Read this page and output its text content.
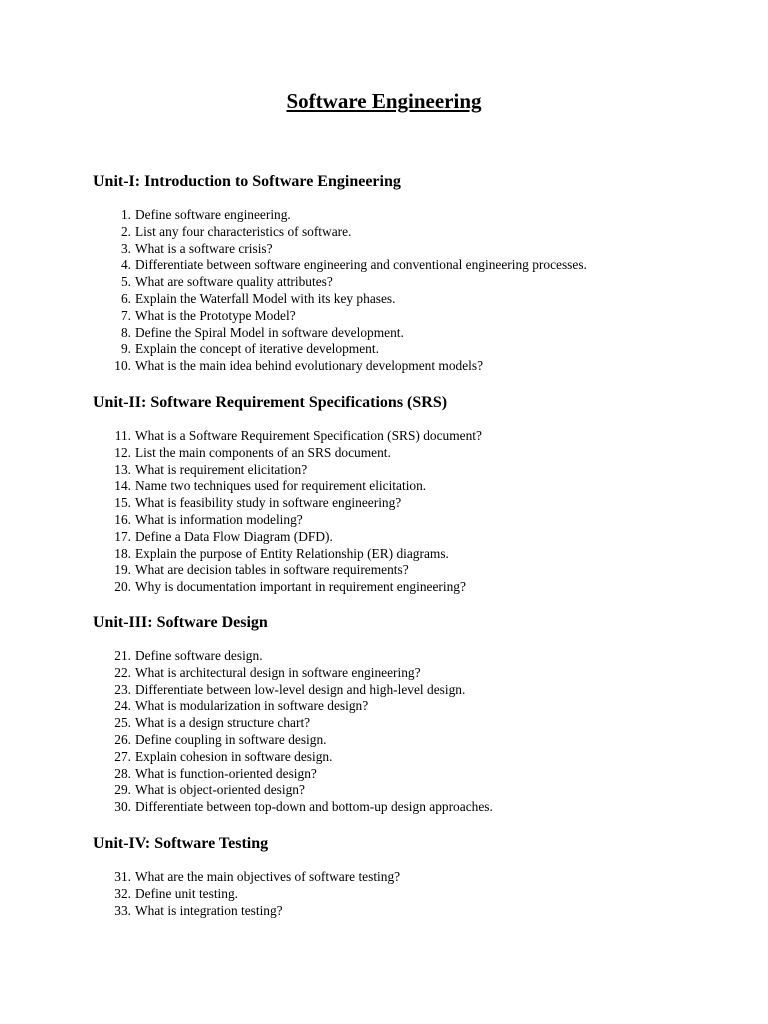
Software Engineering
Unit-I: Introduction to Software Engineering
1. Define software engineering.
2. List any four characteristics of software.
3. What is a software crisis?
4. Differentiate between software engineering and conventional engineering processes.
5. What are software quality attributes?
6. Explain the Waterfall Model with its key phases.
7. What is the Prototype Model?
8. Define the Spiral Model in software development.
9. Explain the concept of iterative development.
10. What is the main idea behind evolutionary development models?
Unit-II: Software Requirement Specifications (SRS)
11. What is a Software Requirement Specification (SRS) document?
12. List the main components of an SRS document.
13. What is requirement elicitation?
14. Name two techniques used for requirement elicitation.
15. What is feasibility study in software engineering?
16. What is information modeling?
17. Define a Data Flow Diagram (DFD).
18. Explain the purpose of Entity Relationship (ER) diagrams.
19. What are decision tables in software requirements?
20. Why is documentation important in requirement engineering?
Unit-III: Software Design
21. Define software design.
22. What is architectural design in software engineering?
23. Differentiate between low-level design and high-level design.
24. What is modularization in software design?
25. What is a design structure chart?
26. Define coupling in software design.
27. Explain cohesion in software design.
28. What is function-oriented design?
29. What is object-oriented design?
30. Differentiate between top-down and bottom-up design approaches.
Unit-IV: Software Testing
31. What are the main objectives of software testing?
32. Define unit testing.
33. What is integration testing?
